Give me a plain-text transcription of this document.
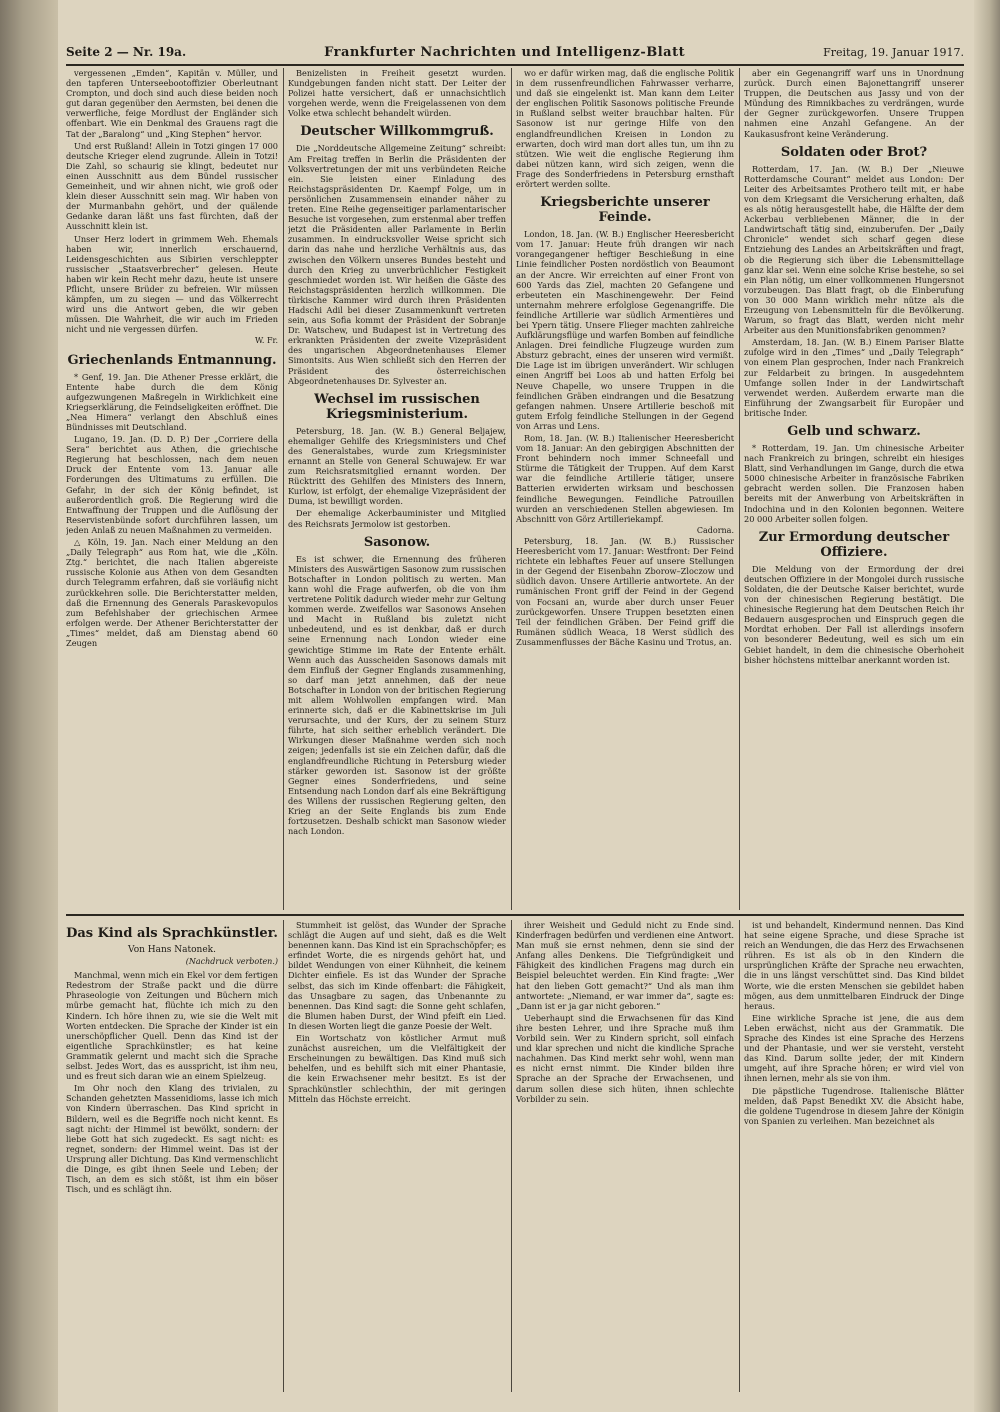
Seite 2 — Nr. 19a.	Frankfurter Nachrichten und Intelligenz-Blatt	Freitag, 19. Januar 1917.

vergessenen „Emden“, Kapitän v. Müller, und den tapferen Unterseebootoffizier Oberleutnant Crompton, und doch sind auch diese beiden noch gut daran gegenüber den Aermsten, bei denen die verwerfliche, feige Mordlust der Engländer sich offenbart. Wie ein Denkmal des Grauens ragt die Tat der „Baralong“ und „King Stephen“ hervor.

Und erst Rußland! Allein in Totzi gingen 17 000 deutsche Krieger elend zugrunde. Allein in Totzi! Die Zahl, so schaurig sie klingt, bedeutet nur einen Ausschnitt aus dem Bündel russischer Gemeinheit, und wir ahnen nicht, wie groß oder klein dieser Ausschnitt sein mag. Wir haben von der Murmanbahn gehört, und der quälende Gedanke daran läßt uns fast fürchten, daß der Ausschnitt klein ist.

Unser Herz lodert in grimmem Weh. Ehemals haben wir, innerlich erschauernd, Leidensgeschichten aus Sibirien verschleppter russischer „Staatsverbrecher“ gelesen. Heute haben wir kein Recht mehr dazu, heute ist unsere Pflicht, unsere Brüder zu befreien. Wir müssen kämpfen, um zu siegen — und das Völkerrecht wird uns die Antwort geben, die wir geben müssen. Die Wahrheit, die wir auch im Frieden nicht und nie vergessen dürfen.

W. Fr.
Griechenlands Entmannung.

* Genf, 19. Jan. Die Athener Presse erklärt, die Entente habe durch die dem König aufgezwungenen Maßregeln in Wirklichkeit eine Kriegserklärung, die Feindseligkeiten eröffnet. Die „Nea Himera“ verlangt den Abschluß eines Bündnisses mit Deutschland.

Lugano, 19. Jan. (D. D. P.) Der „Corriere della Sera“ berichtet aus Athen, die griechische Regierung hat beschlossen, nach dem neuen Druck der Entente vom 13. Januar alle Forderungen des Ultimatums zu erfüllen. Die Gefahr, in der sich der König befindet, ist außerordentlich groß. Die Regierung wird die Entwaffnung der Truppen und die Auflösung der Reservistenbünde sofort durchführen lassen, um jeden Anlaß zu neuen Maßnahmen zu vermeiden.

△ Köln, 19. Jan. Nach einer Meldung an den „Daily Telegraph“ aus Rom hat, wie die „Köln. Ztg.“ berichtet, die nach Italien abgereiste russische Kolonie aus Athen von dem Gesandten durch Telegramm erfahren, daß sie vorläufig nicht zurückkehren solle. Die Berichterstatter melden, daß die Ernennung des Generals Paraskevopulos zum Befehlshaber der griechischen Armee erfolgen werde. Der Athener Berichterstatter der „Times“ meldet, daß am Dienstag abend 60 Zeugen

Benizelisten in Freiheit gesetzt wurden. Kundgebungen fanden nicht statt. Der Leiter der Polizei hatte versichert, daß er unnachsichtlich vorgehen werde, wenn die Freigelassenen von dem Volke etwa schlecht behandelt würden.

Deutscher Willkommgruß.

Die „Norddeutsche Allgemeine Zeitung“ schreibt: Am Freitag treffen in Berlin die Präsidenten der Volksvertretungen der mit uns verbündeten Reiche ein. Sie leisten einer Einladung des Reichstagspräsidenten Dr. Kaempf Folge, um in persönlichen Zusammensein einander näher zu treten. Eine Reihe gegenseitiger parlamentarischer Besuche ist vorgesehen, zum erstenmal aber treffen jetzt die Präsidenten aller Parlamente in Berlin zusammen. In eindrucksvoller Weise spricht sich darin das nahe und herzliche Verhältnis aus, das zwischen den Völkern unseres Bundes besteht und durch den Krieg zu unverbrüchlicher Festigkeit geschmiedet worden ist. Wir heißen die Gäste des Reichstagspräsidenten herzlich willkommen. Die türkische Kammer wird durch ihren Präsidenten Hadschi Adil bei dieser Zusammenkunft vertreten sein, aus Sofia kommt der Präsident der Sobranje Dr. Watschew, und Budapest ist in Vertretung des erkrankten Präsidenten der zweite Vizepräsident des ungarischen Abgeordnetenhauses Elemer Simontsits. Aus Wien schließt sich den Herren der Präsident des österreichischen Abgeordnetenhauses Dr. Sylvester an.

Wechsel im russischen Kriegsministerium.

Petersburg, 18. Jan. (W. B.) General Beljajew, ehemaliger Gehilfe des Kriegsministers und Chef des Generalstabes, wurde zum Kriegsminister ernannt an Stelle von General Schuwajew. Er war zum Reichsratsmitglied ernannt worden. Der Rücktritt des Gehilfen des Ministers des Innern, Kurlow, ist erfolgt, der ehemalige Vizepräsident der Duma, ist bewilligt worden.

Der ehemalige Ackerbauminister und Mitglied des Reichsrats Jermolow ist gestorben.

Sasonow.

Es ist schwer, die Ernennung des früheren Ministers des Auswärtigen Sasonow zum russischen Botschafter in London politisch zu werten. Man kann wohl die Frage aufwerfen, ob die von ihm vertretene Politik dadurch wieder mehr zur Geltung kommen werde. Zweifellos war Sasonows Ansehen und Macht in Rußland bis zuletzt nicht unbedeutend, und es ist denkbar, daß er durch seine Ernennung nach London wieder eine gewichtige Stimme im Rate der Entente erhält. Wenn auch das Ausscheiden Sasonows damals mit dem Einfluß der Gegner Englands zusammenhing, so darf man jetzt annehmen, daß der neue Botschafter in London von der britischen Regierung mit allem Wohlwollen empfangen wird. Man erinnerte sich, daß er die Kabinettskrise im Juli verursachte, und der Kurs, der zu seinem Sturz führte, hat sich seither erheblich verändert. Die Wirkungen dieser Maßnahme werden sich noch zeigen; jedenfalls ist sie ein Zeichen dafür, daß die englandfreundliche Richtung in Petersburg wieder stärker geworden ist. Sasonow ist der größte Gegner eines Sonderfriedens, und seine Entsendung nach London darf als eine Bekräftigung des Willens der russischen Regierung gelten, den Krieg an der Seite Englands bis zum Ende fortzusetzen. Deshalb schickt man Sasonow wieder nach London.

wo er dafür wirken mag, daß die englische Politik in dem russenfreundlichen Fahrwasser verharre, und daß sie eingelenkt ist. Man kann dem Leiter der englischen Politik Sasonows politische Freunde in Rußland selbst weiter brauchbar halten. Für Sasonow ist nur geringe Hilfe von den englandfreundlichen Kreisen in London zu erwarten, doch wird man dort alles tun, um ihn zu stützen. Wie weit die englische Regierung ihm dabei nützen kann, wird sich zeigen, wenn die Frage des Sonderfriedens in Petersburg ernsthaft erörtert werden sollte.

Kriegsberichte unserer Feinde.

London, 18. Jan. (W. B.) Englischer Heeresbericht vom 17. Januar: Heute früh drangen wir nach vorangegangener heftiger Beschießung in eine Linie feindlicher Posten nordöstlich von Beaumont an der Ancre. Wir erreichten auf einer Front von 600 Yards das Ziel, machten 20 Gefangene und erbeuteten ein Maschinengewehr. Der Feind unternahm mehrere erfolglose Gegenangriffe. Die feindliche Artillerie war südlich Armentières und bei Ypern tätig. Unsere Flieger machten zahlreiche Aufklärungsflüge und warfen Bomben auf feindliche Anlagen. Drei feindliche Flugzeuge wurden zum Absturz gebracht, eines der unseren wird vermißt. Die Lage ist im übrigen unverändert. Wir schlugen einen Angriff bei Loos ab und hatten Erfolg bei Neuve Chapelle, wo unsere Truppen in die feindlichen Gräben eindrangen und die Besatzung gefangen nahmen. Unsere Artillerie beschoß mit gutem Erfolg feindliche Stellungen in der Gegend von Arras und Lens.

Rom, 18. Jan. (W. B.) Italienischer Heeresbericht vom 18. Januar: An den gebirgigen Abschnitten der Front behindern noch immer Schneefall und Stürme die Tätigkeit der Truppen. Auf dem Karst war die feindliche Artillerie tätiger, unsere Batterien erwiderten wirksam und beschossen feindliche Bewegungen. Feindliche Patrouillen wurden an verschiedenen Stellen abgewiesen. Im Abschnitt von Görz Artilleriekampf.

Cadorna.

Petersburg, 18. Jan. (W. B.) Russischer Heeresbericht vom 17. Januar: Westfront: Der Feind richtete ein lebhaftes Feuer auf unsere Stellungen in der Gegend der Eisenbahn Zborow–Zloczow und südlich davon. Unsere Artillerie antwortete. An der rumänischen Front griff der Feind in der Gegend von Focsani an, wurde aber durch unser Feuer zurückgeworfen. Unsere Truppen besetzten einen Teil der feindlichen Gräben. Der Feind griff die Rumänen südlich Weaca, 18 Werst südlich des Zusammenflusses der Bäche Kasinu und Trotus, an.

aber ein Gegenangriff warf uns in Unordnung zurück. Durch einen Bajonettangriff unserer Truppen, die Deutschen aus Jassy und von der Mündung des Rimnikbaches zu verdrängen, wurde der Gegner zurückgeworfen. Unsere Truppen nahmen eine Anzahl Gefangene. An der Kaukasusfront keine Veränderung.

Soldaten oder Brot?

Rotterdam, 17. Jan. (W. B.) Der „Nieuwe Rotterdamsche Courant“ meldet aus London: Der Leiter des Arbeitsamtes Prothero teilt mit, er habe von dem Kriegsamt die Versicherung erhalten, daß es als nötig herausgestellt habe, die Hälfte der dem Ackerbau verbliebenen Männer, die in der Landwirtschaft tätig sind, einzuberufen. Der „Daily Chronicle“ wendet sich scharf gegen diese Entziehung des Landes an Arbeitskräften und fragt, ob die Regierung sich über die Lebensmittellage ganz klar sei. Wenn eine solche Krise bestehe, so sei ein Plan nötig, um einer vollkommenen Hungersnot vorzubeugen. Das Blatt fragt, ob die Einberufung von 30 000 Mann wirklich mehr nütze als die Erzeugung von Lebensmitteln für die Bevölkerung. Warum, so fragt das Blatt, werden nicht mehr Arbeiter aus den Munitionsfabriken genommen?

Amsterdam, 18. Jan. (W. B.) Einem Pariser Blatte zufolge wird in den „Times“ und „Daily Telegraph“ von einem Plan gesprochen, Inder nach Frankreich zur Feldarbeit zu bringen. In ausgedehntem Umfange sollen Inder in der Landwirtschaft verwendet werden. Außerdem erwarte man die Einführung der Zwangsarbeit für Europäer und britische Inder.

Gelb und schwarz.

* Rotterdam, 19. Jan. Um chinesische Arbeiter nach Frankreich zu bringen, schreibt ein hiesiges Blatt, sind Verhandlungen im Gange, durch die etwa 5000 chinesische Arbeiter in französische Fabriken gebracht werden sollen. Die Franzosen haben bereits mit der Anwerbung von Arbeitskräften in Indochina und in den Kolonien begonnen. Weitere 20 000 Arbeiter sollen folgen.

Zur Ermordung deutscher Offiziere.

Die Meldung von der Ermordung der drei deutschen Offiziere in der Mongolei durch russische Soldaten, die der Deutsche Kaiser berichtet, wurde von der chinesischen Regierung bestätigt. Die chinesische Regierung hat dem Deutschen Reich ihr Bedauern ausgesprochen und Einspruch gegen die Mordtat erhoben. Der Fall ist allerdings insofern von besonderer Bedeutung, weil es sich um ein Gebiet handelt, in dem die chinesische Oberhoheit bisher höchstens mittelbar anerkannt worden ist.

Das Kind als Sprachkünstler.
Von Hans Natonek.
(Nachdruck verboten.)

Manchmal, wenn mich ein Ekel vor dem fertigen Redestrom der Straße packt und die dürre Phraseologie von Zeitungen und Büchern mich mürbe gemacht hat, flüchte ich mich zu den Kindern. Ich höre ihnen zu, wie sie die Welt mit Worten entdecken. Die Sprache der Kinder ist ein unerschöpflicher Quell. Denn das Kind ist der eigentliche Sprachkünstler; es hat keine Grammatik gelernt und macht sich die Sprache selbst. Jedes Wort, das es ausspricht, ist ihm neu, und es freut sich daran wie an einem Spielzeug.

Im Ohr noch den Klang des trivialen, zu Schanden gehetzten Massenidioms, lasse ich mich von Kindern überraschen. Das Kind spricht in Bildern, weil es die Begriffe noch nicht kennt. Es sagt nicht: der Himmel ist bewölkt, sondern: der liebe Gott hat sich zugedeckt. Es sagt nicht: es regnet, sondern: der Himmel weint. Das ist der Ursprung aller Dichtung. Das Kind vermenschlicht die Dinge, es gibt ihnen Seele und Leben; der Tisch, an dem es sich stößt, ist ihm ein böser Tisch, und es schlägt ihn.

Stummheit ist gelöst, das Wunder der Sprache schlägt die Augen auf und sieht, daß es die Welt benennen kann. Das Kind ist ein Sprachschöpfer; es erfindet Worte, die es nirgends gehört hat, und bildet Wendungen von einer Kühnheit, die keinem Dichter einfiele. Es ist das Wunder der Sprache selbst, das sich im Kinde offenbart: die Fähigkeit, das Unsagbare zu sagen, das Unbenannte zu benennen. Das Kind sagt: die Sonne geht schlafen, die Blumen haben Durst, der Wind pfeift ein Lied. In diesen Worten liegt die ganze Poesie der Welt.

Ein Wortschatz von köstlicher Armut muß zunächst ausreichen, um die Vielfältigkeit der Erscheinungen zu bewältigen. Das Kind muß sich behelfen, und es behilft sich mit einer Phantasie, die kein Erwachsener mehr besitzt. Es ist der Sprachkünstler schlechthin, der mit geringen Mitteln das Höchste erreicht.

ihrer Weisheit und Geduld nicht zu Ende sind. Kinderfragen bedürfen und verdienen eine Antwort. Man muß sie ernst nehmen, denn sie sind der Anfang alles Denkens. Die Tiefgründigkeit und Fähigkeit des kindlichen Fragens mag durch ein Beispiel beleuchtet werden. Ein Kind fragte: „Wer hat den lieben Gott gemacht?“ Und als man ihm antwortete: „Niemand, er war immer da“, sagte es: „Dann ist er ja gar nicht geboren.“

Ueberhaupt sind die Erwachsenen für das Kind ihre besten Lehrer, und ihre Sprache muß ihm Vorbild sein. Wer zu Kindern spricht, soll einfach und klar sprechen und nicht die kindliche Sprache nachahmen. Das Kind merkt sehr wohl, wenn man es nicht ernst nimmt. Die Kinder bilden ihre Sprache an der Sprache der Erwachsenen, und darum sollen diese sich hüten, ihnen schlechte Vorbilder zu sein.

ist und behandelt, Kindermund nennen. Das Kind hat seine eigene Sprache, und diese Sprache ist reich an Wendungen, die das Herz des Erwachsenen rühren. Es ist als ob in den Kindern die ursprünglichen Kräfte der Sprache neu erwachten, die in uns längst verschüttet sind. Das Kind bildet Worte, wie die ersten Menschen sie gebildet haben mögen, aus dem unmittelbaren Eindruck der Dinge heraus.

Eine wirkliche Sprache ist jene, die aus dem Leben erwächst, nicht aus der Grammatik. Die Sprache des Kindes ist eine Sprache des Herzens und der Phantasie, und wer sie versteht, versteht das Kind. Darum sollte jeder, der mit Kindern umgeht, auf ihre Sprache hören; er wird viel von ihnen lernen, mehr als sie von ihm.

Die päpstliche Tugendrose. Italienische Blätter melden, daß Papst Benedikt XV. die Absicht habe, die goldene Tugendrose in diesem Jahre der Königin von Spanien zu verleihen. Man bezeichnet als
